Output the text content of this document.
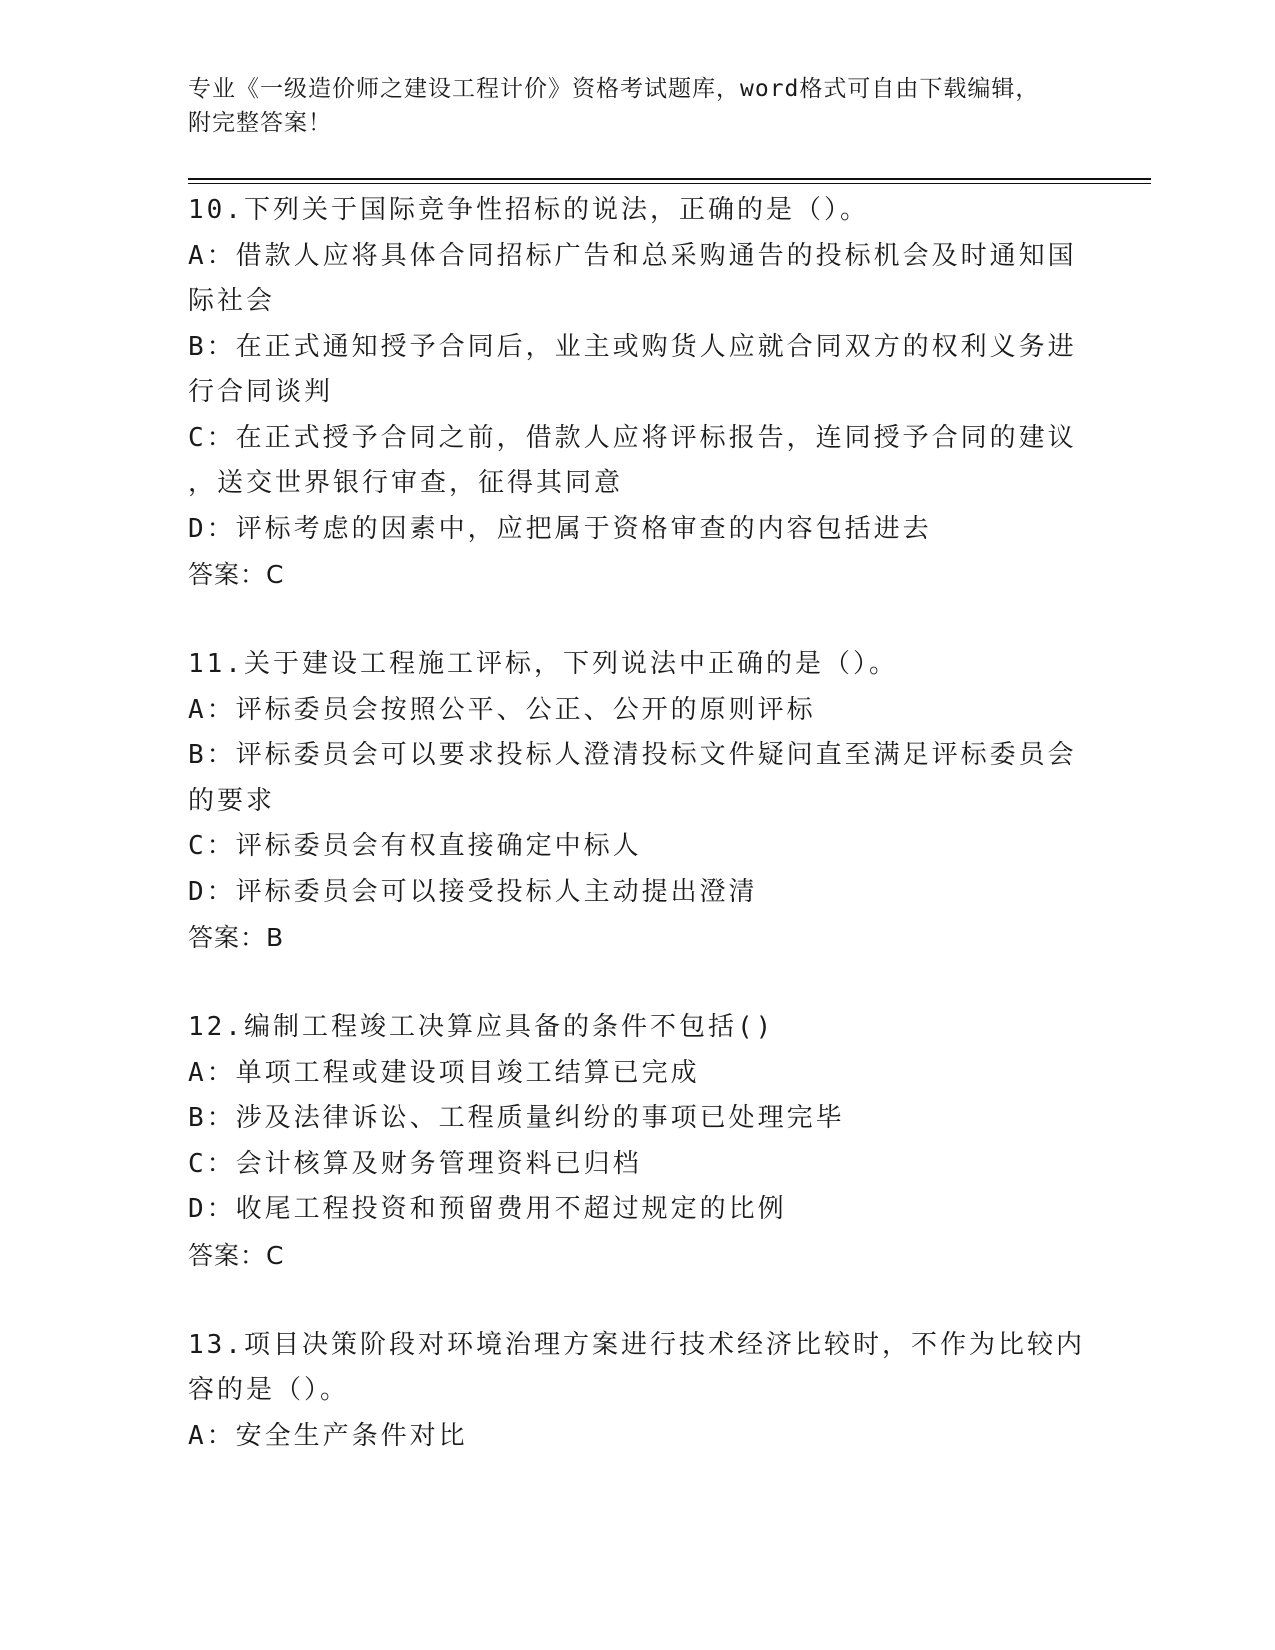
专业《一级造价师之建设工程计价》资格考试题库，word格式可自由下载编辑，
附完整答案！
10.下列关于国际竞争性招标的说法，正确的是（）。
A：借款人应将具体合同招标广告和总采购通告的投标机会及时通知国
际社会
B：在正式通知授予合同后，业主或购货人应就合同双方的权利义务进
行合同谈判
C：在正式授予合同之前，借款人应将评标报告，连同授予合同的建议
，送交世界银行审查，征得其同意
D：评标考虑的因素中，应把属于资格审查的内容包括进去
答案：C
11.关于建设工程施工评标，下列说法中正确的是（）。
A：评标委员会按照公平、公正、公开的原则评标
B：评标委员会可以要求投标人澄清投标文件疑问直至满足评标委员会
的要求
C：评标委员会有权直接确定中标人
D：评标委员会可以接受投标人主动提出澄清
答案：B
12.编制工程竣工决算应具备的条件不包括()
A：单项工程或建设项目竣工结算已完成
B：涉及法律诉讼、工程质量纠纷的事项已处理完毕
C：会计核算及财务管理资料已归档
D：收尾工程投资和预留费用不超过规定的比例
答案：C
13.项目决策阶段对环境治理方案进行技术经济比较时，不作为比较内
容的是（）。
A：安全生产条件对比
